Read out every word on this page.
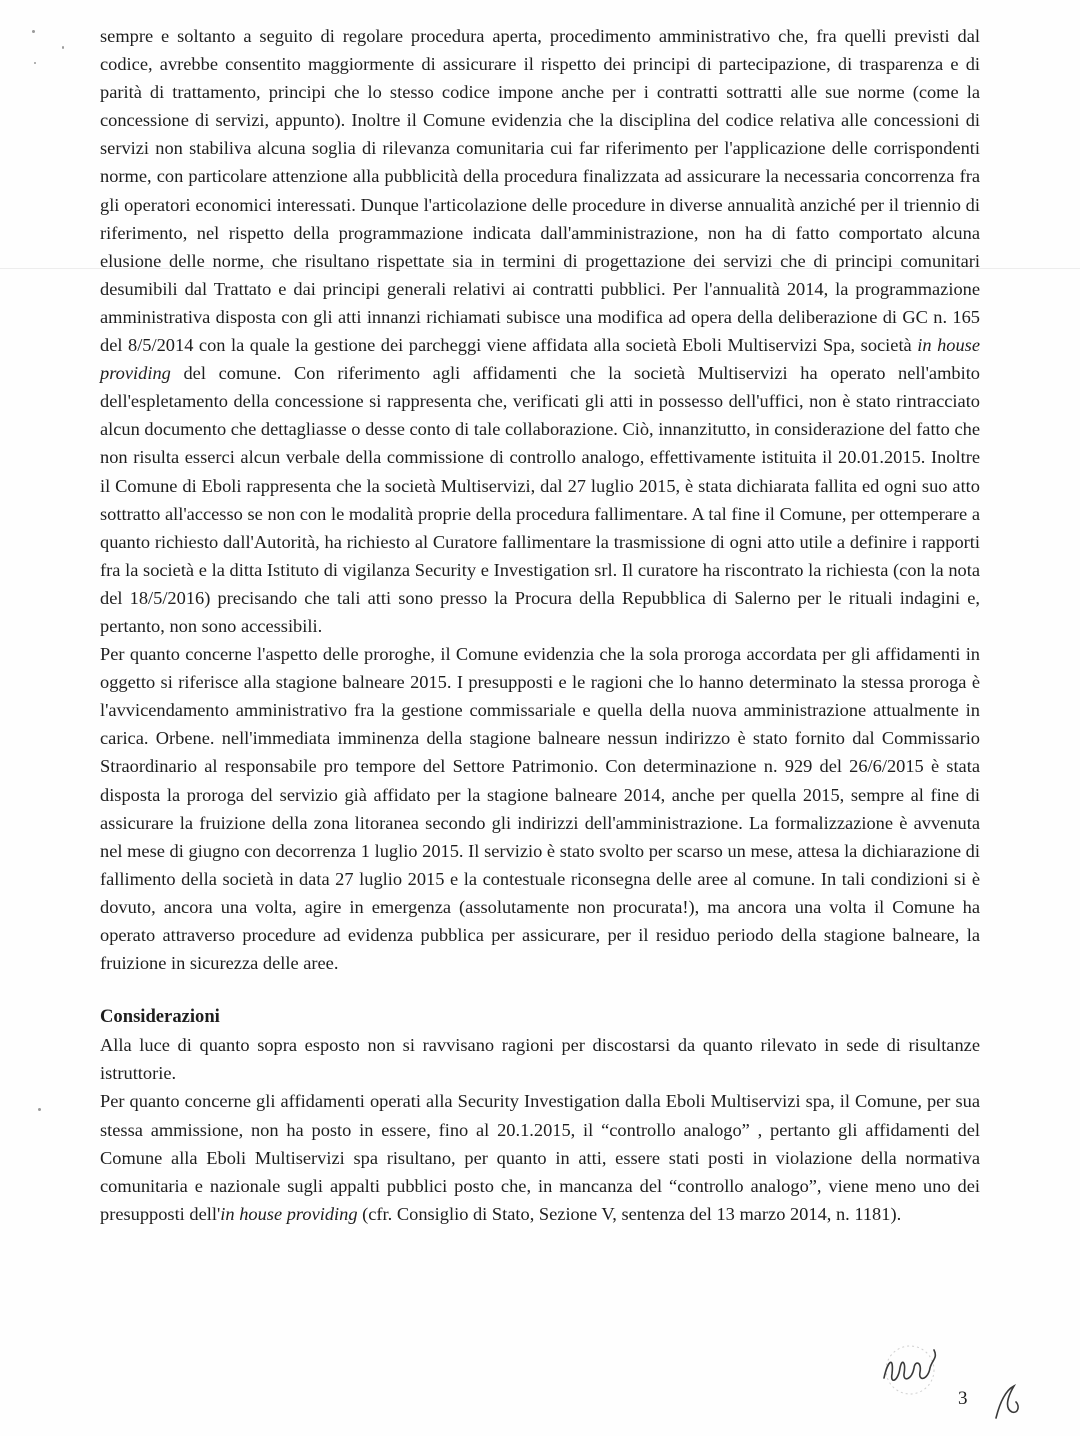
sempre e soltanto a seguito di regolare procedura aperta, procedimento amministrativo che, fra quelli previsti dal codice, avrebbe consentito maggiormente di assicurare il rispetto dei principi di partecipazione, di trasparenza e di parità di trattamento, principi che lo stesso codice impone anche per i contratti sottratti alle sue norme (come la concessione di servizi, appunto). Inoltre il Comune evidenzia che la disciplina del codice relativa alle concessioni di servizi non stabiliva alcuna soglia di rilevanza comunitaria cui far riferimento per l'applicazione delle corrispondenti norme, con particolare attenzione alla pubblicità della procedura finalizzata ad assicurare la necessaria concorrenza fra gli operatori economici interessati. Dunque l'articolazione delle procedure in diverse annualità anziché per il triennio di riferimento, nel rispetto della programmazione indicata dall'amministrazione, non ha di fatto comportato alcuna elusione delle norme, che risultano rispettate sia in termini di progettazione dei servizi che di principi comunitari desumibili dal Trattato e dai principi generali relativi ai contratti pubblici. Per l'annualità 2014, la programmazione amministrativa disposta con gli atti innanzi richiamati subisce una modifica ad opera della deliberazione di GC n. 165 del 8/5/2014 con la quale la gestione dei parcheggi viene affidata alla società Eboli Multiservizi Spa, società in house providing del comune. Con riferimento agli affidamenti che la società Multiservizi ha operato nell'ambito dell'espletamento della concessione si rappresenta che, verificati gli atti in possesso dell'uffici, non è stato rintracciato alcun documento che dettagliasse o desse conto di tale collaborazione. Ciò, innanzitutto, in considerazione del fatto che non risulta esserci alcun verbale della commissione di controllo analogo, effettivamente istituita il 20.01.2015. Inoltre il Comune di Eboli rappresenta che la società Multiservizi, dal 27 luglio 2015, è stata dichiarata fallita ed ogni suo atto sottratto all'accesso se non con le modalità proprie della procedura fallimentare. A tal fine il Comune, per ottemperare a quanto richiesto dall'Autorità, ha richiesto al Curatore fallimentare la trasmissione di ogni atto utile a definire i rapporti fra la società e la ditta Istituto di vigilanza Security e Investigation srl. Il curatore ha riscontrato la richiesta (con la nota del 18/5/2016) precisando che tali atti sono presso la Procura della Repubblica di Salerno per le rituali indagini e, pertanto, non sono accessibili.

Per quanto concerne l'aspetto delle proroghe, il Comune evidenzia che la sola proroga accordata per gli affidamenti in oggetto si riferisce alla stagione balneare 2015. I presupposti e le ragioni che lo hanno determinato la stessa proroga è l'avvicendamento amministrativo fra la gestione commissariale e quella della nuova amministrazione attualmente in carica. Orbene. nell'immediata imminenza della stagione balneare nessun indirizzo è stato fornito dal Commissario Straordinario al responsabile pro tempore del Settore Patrimonio. Con determinazione n. 929 del 26/6/2015 è stata disposta la proroga del servizio già affidato per la stagione balneare 2014, anche per quella 2015, sempre al fine di assicurare la fruizione della zona litoranea secondo gli indirizzi dell'amministrazione. La formalizzazione è avvenuta nel mese di giugno con decorrenza 1 luglio 2015. Il servizio è stato svolto per scarso un mese, attesa la dichiarazione di fallimento della società in data 27 luglio 2015 e la contestuale riconsegna delle aree al comune. In tali condizioni si è dovuto, ancora una volta, agire in emergenza (assolutamente non procurata!), ma ancora una volta il Comune ha operato attraverso procedure ad evidenza pubblica per assicurare, per il residuo periodo della stagione balneare, la fruizione in sicurezza delle aree.

Considerazioni

Alla luce di quanto sopra esposto non si ravvisano ragioni per discostarsi da quanto rilevato in sede di risultanze istruttorie.

Per quanto concerne gli affidamenti operati alla Security Investigation dalla Eboli Multiservizi spa, il Comune, per sua stessa ammissione, non ha posto in essere, fino al 20.1.2015, il “controllo analogo” , pertanto gli affidamenti del Comune alla Eboli Multiservizi spa risultano, per quanto in atti, essere stati posti in violazione della normativa comunitaria e nazionale sugli appalti pubblici posto che, in mancanza del “controllo analogo”, viene meno uno dei presupposti dell'in house providing (cfr. Consiglio di Stato, Sezione V, sentenza del 13 marzo 2014, n. 1181).

3
